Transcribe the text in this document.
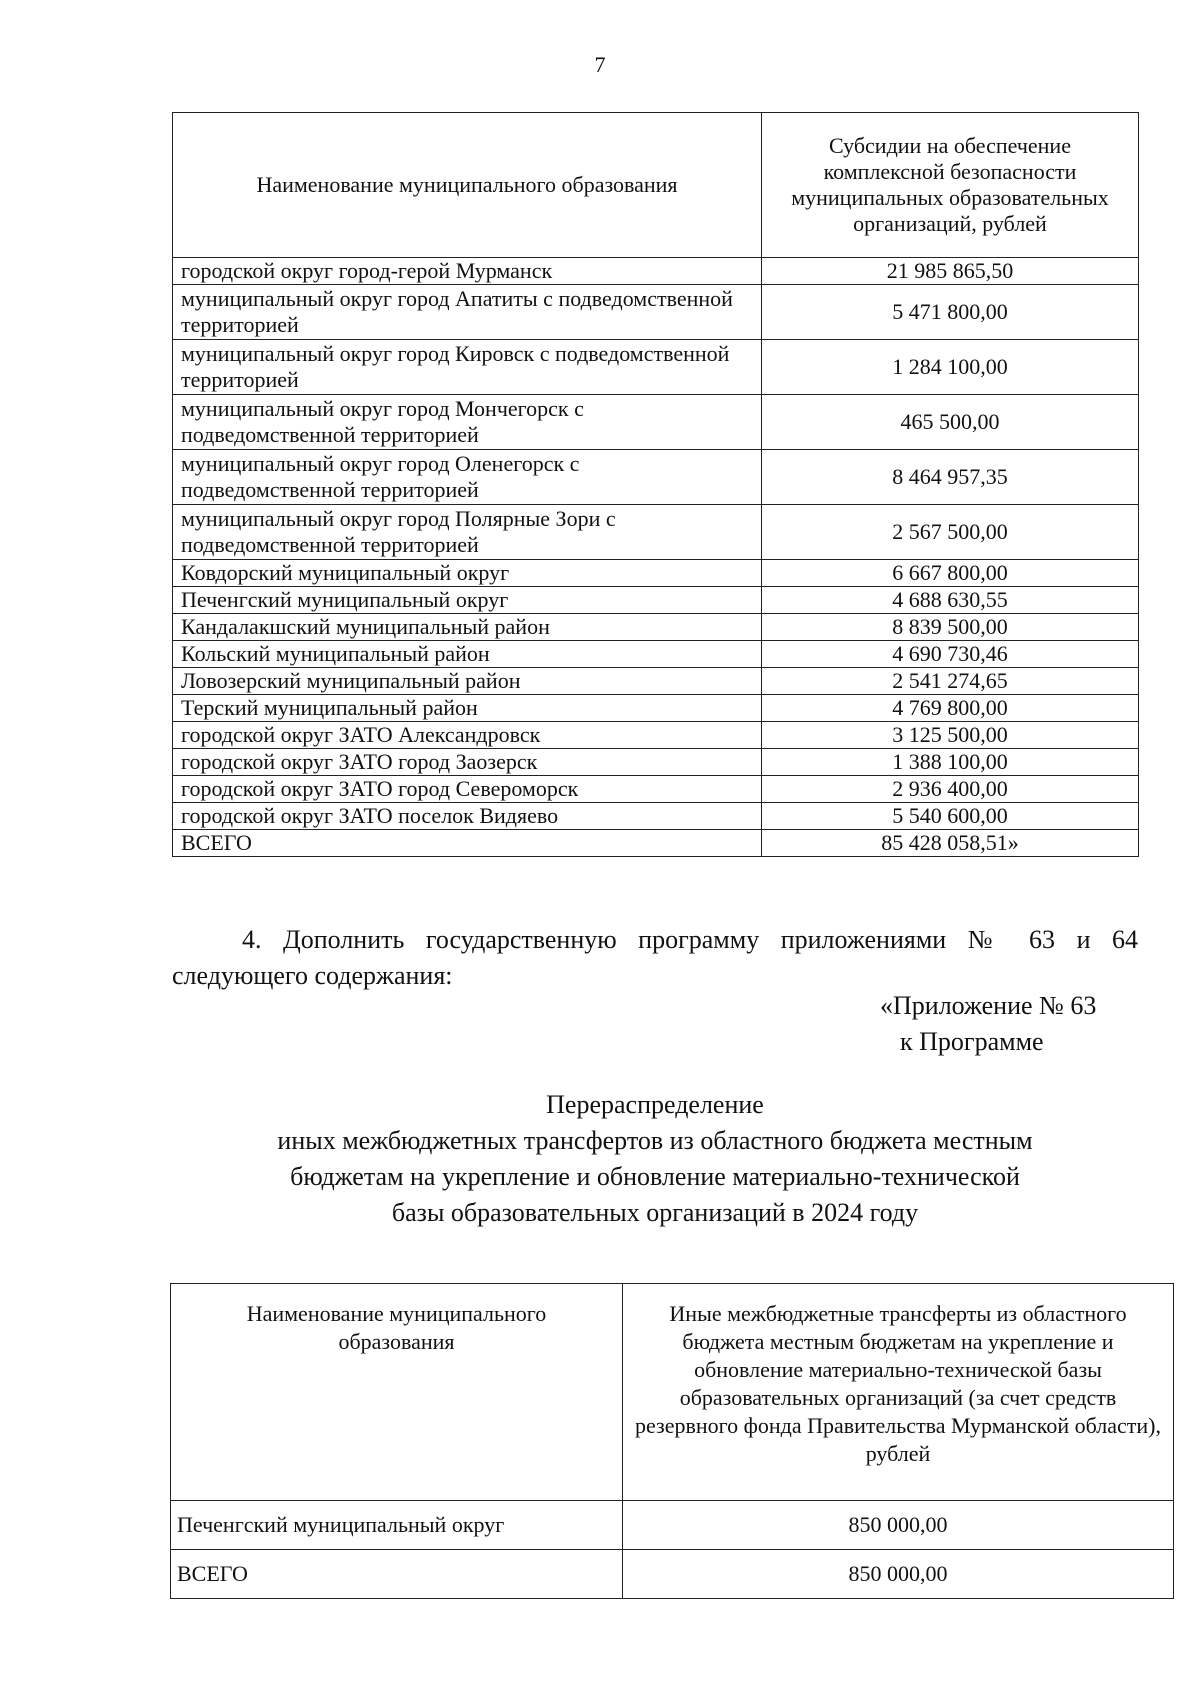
7
Наименование муниципального образования	Субсидии на обеспечение комплексной безопасности муниципальных образовательных организаций, рублей
городской округ город-герой Мурманск	21 985 865,50
муниципальный округ город Апатиты с подведомственной территорией	5 471 800,00
муниципальный округ город Кировск с подведомственной территорией	1 284 100,00
муниципальный округ город Мончегорск с подведомственной территорией	465 500,00
муниципальный округ город Оленегорск с подведомственной территорией	8 464 957,35
муниципальный округ город Полярные Зори с подведомственной территорией	2 567 500,00
Ковдорский муниципальный округ	6 667 800,00
Печенгский муниципальный округ	4 688 630,55
Кандалакшский муниципальный район	8 839 500,00
Кольский муниципальный район	4 690 730,46
Ловозерский муниципальный район	2 541 274,65
Терский муниципальный район	4 769 800,00
городской округ ЗАТО Александровск	3 125 500,00
городской округ ЗАТО город Заозерск	1 388 100,00
городской округ ЗАТО город Североморск	2 936 400,00
городской округ ЗАТО поселок Видяево	5 540 600,00
ВСЕГО	85 428 058,51»
4. Дополнить государственную программу приложениями № 63 и 64
следующего содержания:
«Приложение № 63
к Программе
Перераспределение
иных межбюджетных трансфертов из областного бюджета местным
бюджетам на укрепление и обновление материально-технической
базы образовательных организаций в 2024 году
Наименование муниципального образования	Иные межбюджетные трансферты из областного бюджета местным бюджетам на укрепление и обновление материально-технической базы образовательных организаций (за счет средств резервного фонда Правительства Мурманской области), рублей
Печенгский муниципальный округ	850 000,00
ВСЕГО	850 000,00
